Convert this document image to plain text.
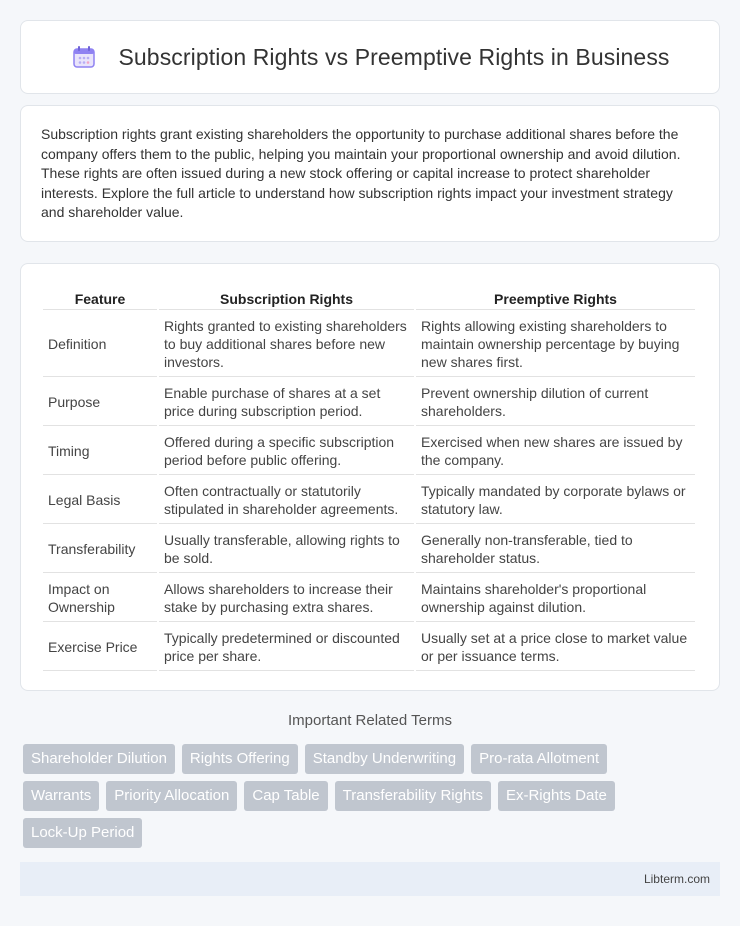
Subscription Rights vs Preemptive Rights in Business

Subscription rights grant existing shareholders the opportunity to purchase additional shares before the company offers them to the public, helping you maintain your proportional ownership and avoid dilution. These rights are often issued during a new stock offering or capital increase to protect shareholder interests. Explore the full article to understand how subscription rights impact your investment strategy and shareholder value.

Feature	Subscription Rights	Preemptive Rights
Definition	Rights granted to existing shareholders to buy additional shares before new investors.	Rights allowing existing shareholders to maintain ownership percentage by buying new shares first.
Purpose	Enable purchase of shares at a set price during subscription period.	Prevent ownership dilution of current shareholders.
Timing	Offered during a specific subscription period before public offering.	Exercised when new shares are issued by the company.
Legal Basis	Often contractually or statutorily stipulated in shareholder agreements.	Typically mandated by corporate bylaws or statutory law.
Transferability	Usually transferable, allowing rights to be sold.	Generally non-transferable, tied to shareholder status.
Impact on Ownership	Allows shareholders to increase their stake by purchasing extra shares.	Maintains shareholder's proportional ownership against dilution.
Exercise Price	Typically predetermined or discounted price per share.	Usually set at a price close to market value or per issuance terms.
Important Related Terms
Shareholder Dilution	Rights Offering	Standby Underwriting	Pro-rata Allotment
Warrants	Priority Allocation	Cap Table	Transferability Rights	Ex-Rights Date
Lock-Up Period
Libterm.com
